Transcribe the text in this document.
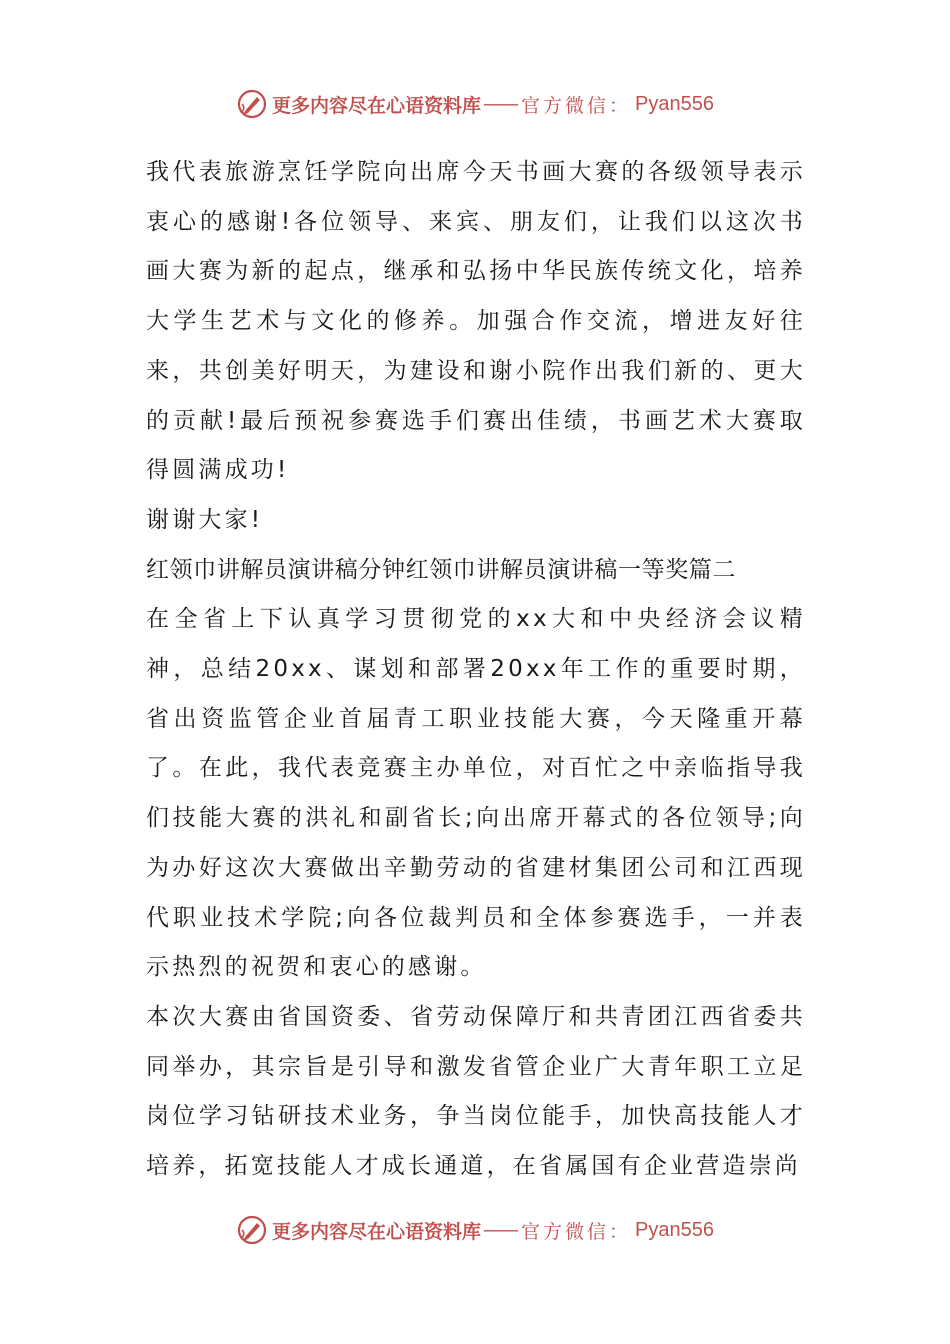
更多内容尽在心语资料库 —— 官方微信： Pyan556

我代表旅游烹饪学院向出席今天书画大赛的各级领导表示衷心的感谢!各位领导、来宾、朋友们，让我们以这次书画大赛为新的起点，继承和弘扬中华民族传统文化，培养大学生艺术与文化的修养。加强合作交流，增进友好往来，共创美好明天，为建设和谢小院作出我们新的、更大的贡献!最后预祝参赛选手们赛出佳绩，书画艺术大赛取得圆满成功!

谢谢大家!

红领巾讲解员演讲稿分钟红领巾讲解员演讲稿一等奖篇二

在全省上下认真学习贯彻党的xx大和中央经济会议精神，总结20xx、谋划和部署20xx年工作的重要时期，省出资监管企业首届青工职业技能大赛，今天隆重开幕了。在此，我代表竞赛主办单位，对百忙之中亲临指导我们技能大赛的洪礼和副省长;向出席开幕式的各位领导;向为办好这次大赛做出辛勤劳动的省建材集团公司和江西现代职业技术学院;向各位裁判员和全体参赛选手，一并表示热烈的祝贺和衷心的感谢。

本次大赛由省国资委、省劳动保障厅和共青团江西省委共同举办，其宗旨是引导和激发省管企业广大青年职工立足岗位学习钻研技术业务，争当岗位能手，加快高技能人才培养，拓宽技能人才成长通道，在省属国有企业营造崇尚

更多内容尽在心语资料库 —— 官方微信： Pyan556
